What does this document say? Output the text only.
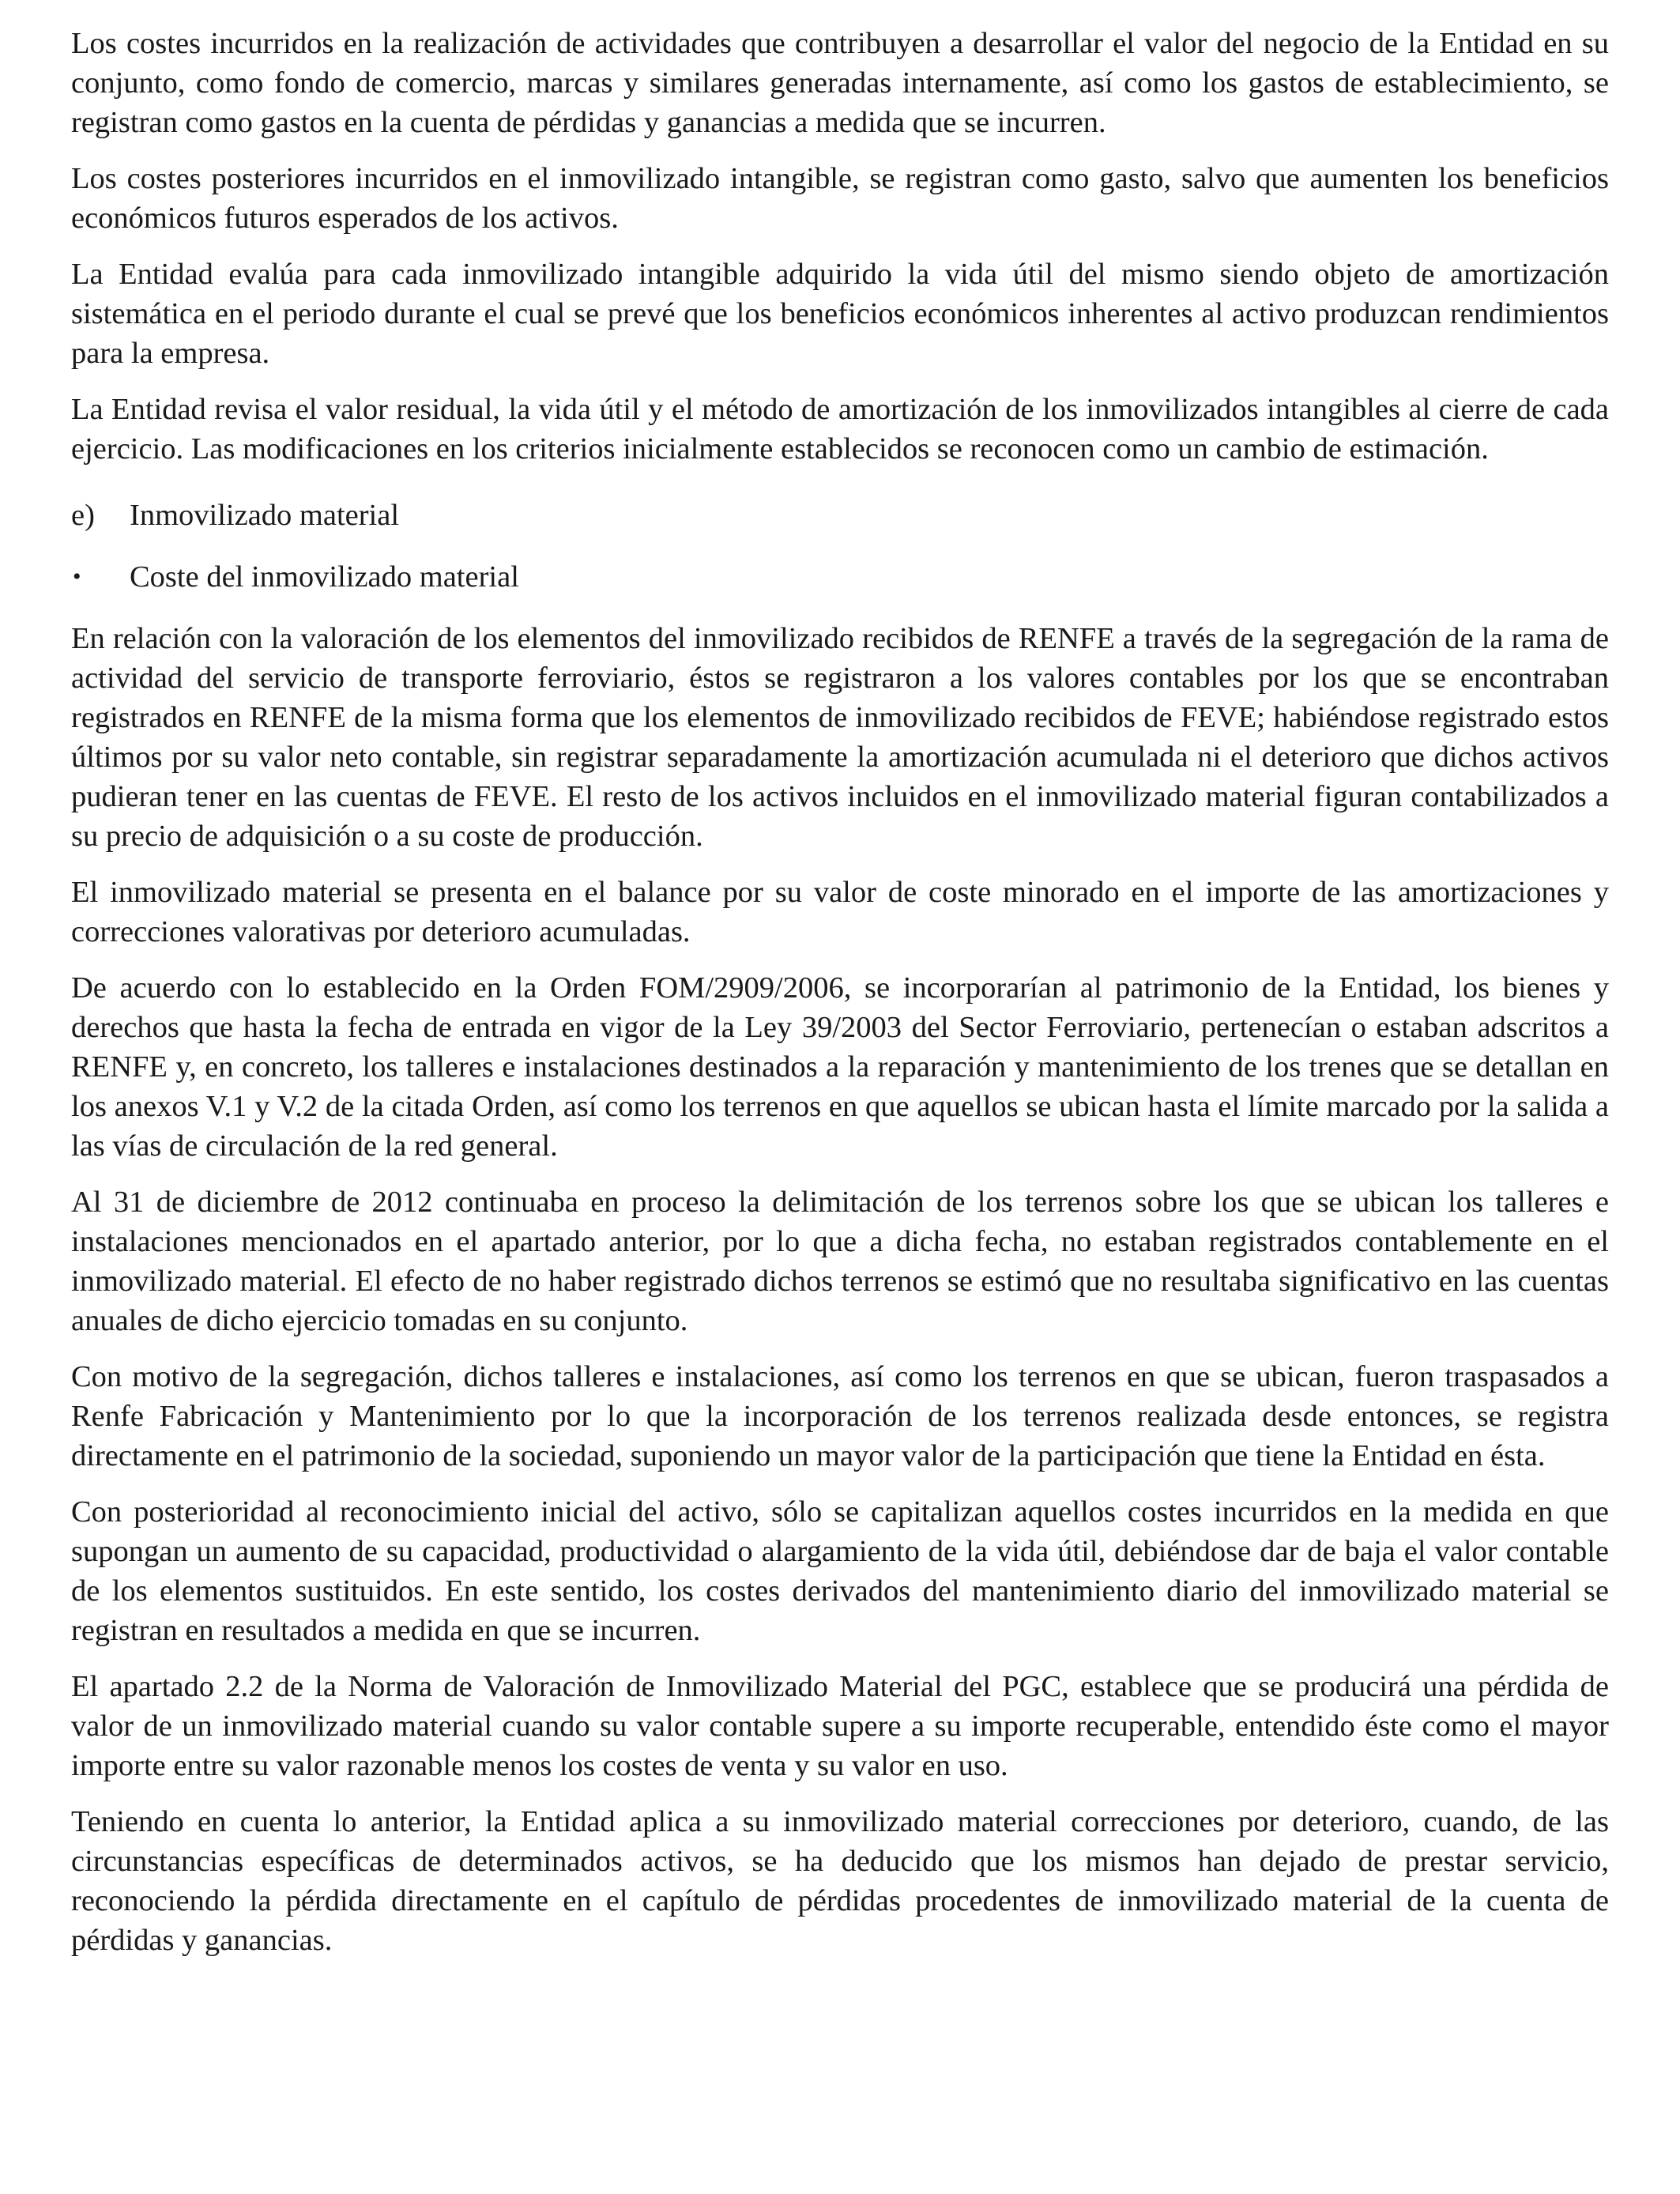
Los costes incurridos en la realización de actividades que contribuyen a desarrollar el valor del negocio de la Entidad en su conjunto, como fondo de comercio, marcas y similares generadas internamente, así como los gastos de establecimiento, se registran como gastos en la cuenta de pérdidas y ganancias a medida que se incurren.

Los costes posteriores incurridos en el inmovilizado intangible, se registran como gasto, salvo que aumenten los beneficios económicos futuros esperados de los activos.

La Entidad evalúa para cada inmovilizado intangible adquirido la vida útil del mismo siendo objeto de amortización sistemática en el periodo durante el cual se prevé que los beneficios económicos inherentes al activo produzcan rendimientos para la empresa.

La Entidad revisa el valor residual, la vida útil y el método de amortización de los inmovilizados intangibles al cierre de cada ejercicio. Las modificaciones en los criterios inicialmente establecidos se reconocen como un cambio de estimación.

e) Inmovilizado material
• Coste del inmovilizado material

En relación con la valoración de los elementos del inmovilizado recibidos de RENFE a través de la segregación de la rama de actividad del servicio de transporte ferroviario, éstos se registraron a los valores contables por los que se encontraban registrados en RENFE de la misma forma que los elementos de inmovilizado recibidos de FEVE; habiéndose registrado estos últimos por su valor neto contable, sin registrar separadamente la amortización acumulada ni el deterioro que dichos activos pudieran tener en las cuentas de FEVE. El resto de los activos incluidos en el inmovilizado material figuran contabilizados a su precio de adquisición o a su coste de producción.

El inmovilizado material se presenta en el balance por su valor de coste minorado en el importe de las amortizaciones y correcciones valorativas por deterioro acumuladas.

De acuerdo con lo establecido en la Orden FOM/2909/2006, se incorporarían al patrimonio de la Entidad, los bienes y derechos que hasta la fecha de entrada en vigor de la Ley 39/2003 del Sector Ferroviario, pertenecían o estaban adscritos a RENFE y, en concreto, los talleres e instalaciones destinados a la reparación y mantenimiento de los trenes que se detallan en los anexos V.1 y V.2 de la citada Orden, así como los terrenos en que aquellos se ubican hasta el límite marcado por la salida a las vías de circulación de la red general.

Al 31 de diciembre de 2012 continuaba en proceso la delimitación de los terrenos sobre los que se ubican los talleres e instalaciones mencionados en el apartado anterior, por lo que a dicha fecha, no estaban registrados contablemente en el inmovilizado material. El efecto de no haber registrado dichos terrenos se estimó que no resultaba significativo en las cuentas anuales de dicho ejercicio tomadas en su conjunto.

Con motivo de la segregación, dichos talleres e instalaciones, así como los terrenos en que se ubican, fueron traspasados a Renfe Fabricación y Mantenimiento por lo que la incorporación de los terrenos realizada desde entonces, se registra directamente en el patrimonio de la sociedad, suponiendo un mayor valor de la participación que tiene la Entidad en ésta.

Con posterioridad al reconocimiento inicial del activo, sólo se capitalizan aquellos costes incurridos en la medida en que supongan un aumento de su capacidad, productividad o alargamiento de la vida útil, debiéndose dar de baja el valor contable de los elementos sustituidos. En este sentido, los costes derivados del mantenimiento diario del inmovilizado material se registran en resultados a medida en que se incurren.

El apartado 2.2 de la Norma de Valoración de Inmovilizado Material del PGC, establece que se producirá una pérdida de valor de un inmovilizado material cuando su valor contable supere a su importe recuperable, entendido éste como el mayor importe entre su valor razonable menos los costes de venta y su valor en uso.

Teniendo en cuenta lo anterior, la Entidad aplica a su inmovilizado material correcciones por deterioro, cuando, de las circunstancias específicas de determinados activos, se ha deducido que los mismos han dejado de prestar servicio, reconociendo la pérdida directamente en el capítulo de pérdidas procedentes de inmovilizado material de la cuenta de pérdidas y ganancias.
